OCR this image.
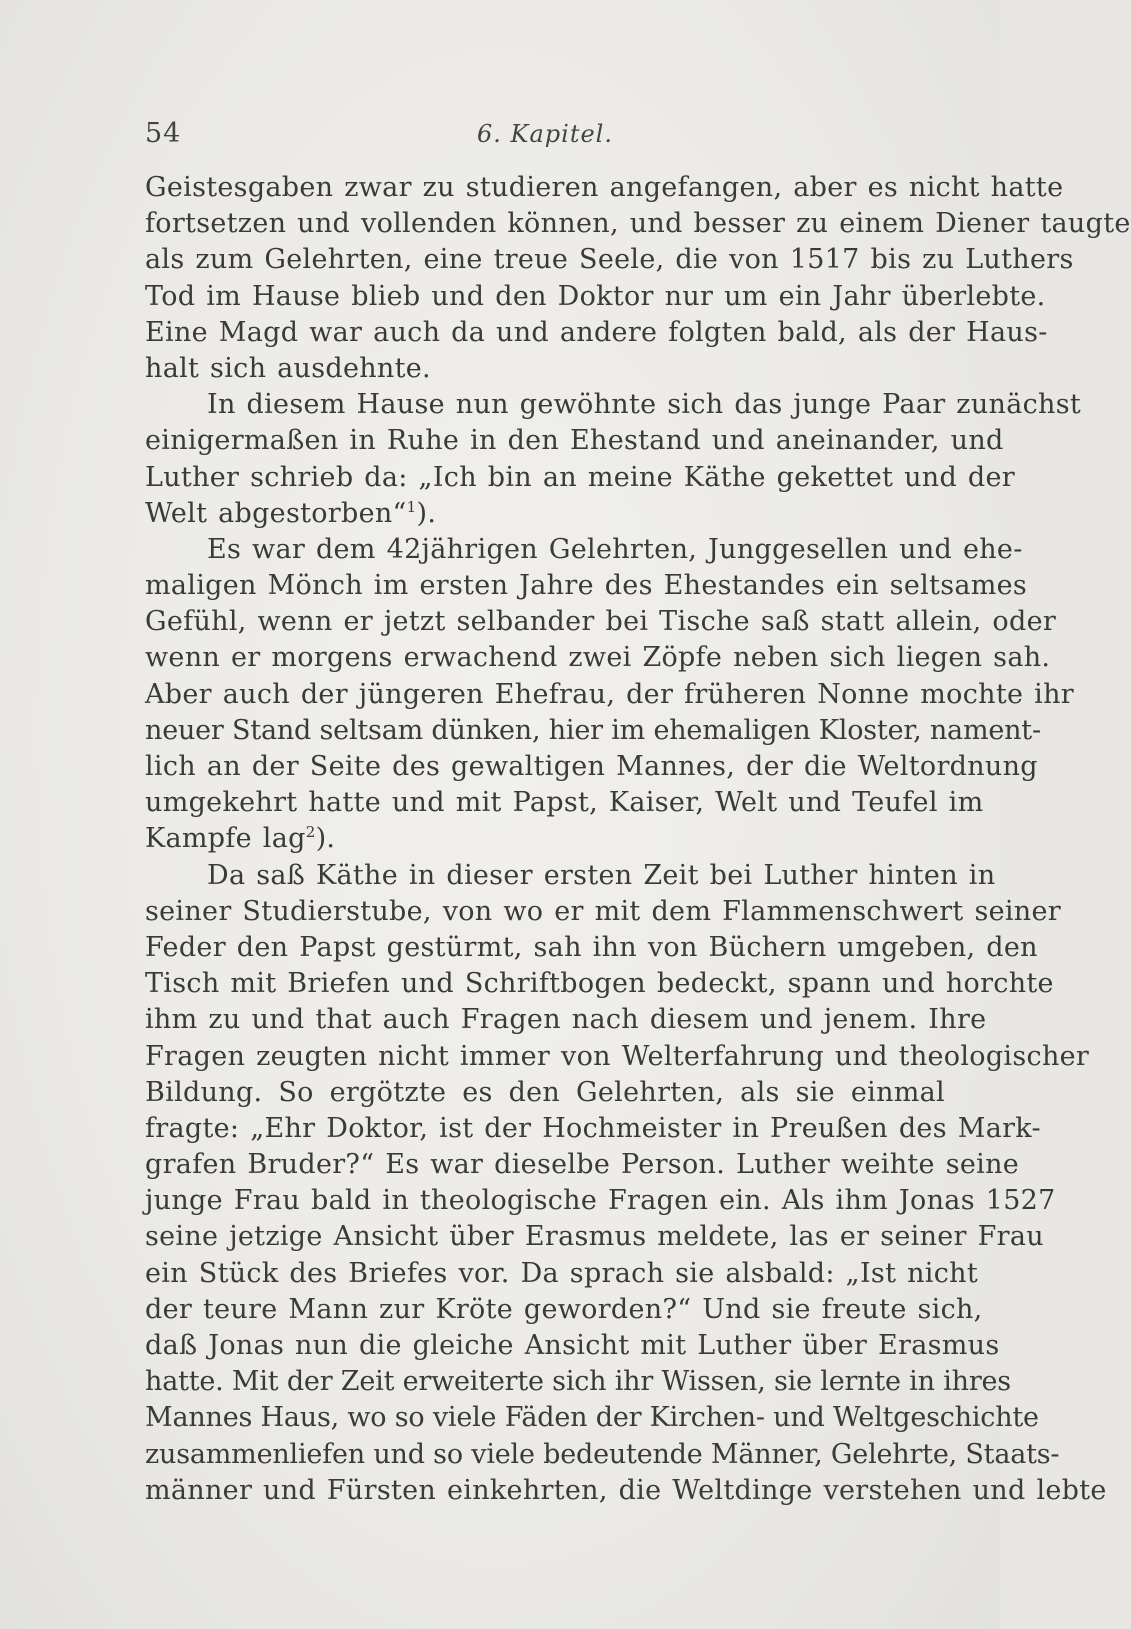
54	6. Kapitel.
Geistesgaben zwar zu studieren angefangen, aber es nicht hatte
fortsetzen und vollenden können, und besser zu einem Diener taugte
als zum Gelehrten, eine treue Seele, die von 1517 bis zu Luthers
Tod im Hause blieb und den Doktor nur um ein Jahr überlebte.
Eine Magd war auch da und andere folgten bald, als der Haus-
halt sich ausdehnte.
In diesem Hause nun gewöhnte sich das junge Paar zunächst
einigermaßen in Ruhe in den Ehestand und aneinander, und
Luther schrieb da: „Ich bin an meine Käthe gekettet und der
Welt abgestorben“$^1$).
Es war dem 42jährigen Gelehrten, Junggesellen und ehe-
maligen Mönch im ersten Jahre des Ehestandes ein seltsames
Gefühl, wenn er jetzt selbander bei Tische saß statt allein, oder
wenn er morgens erwachend zwei Zöpfe neben sich liegen sah.
Aber auch der jüngeren Ehefrau, der früheren Nonne mochte ihr
neuer Stand seltsam dünken, hier im ehemaligen Kloster, nament-
lich an der Seite des gewaltigen Mannes, der die Weltordnung
umgekehrt hatte und mit Papst, Kaiser, Welt und Teufel im
Kampfe lag$^2$).
Da saß Käthe in dieser ersten Zeit bei Luther hinten in
seiner Studierstube, von wo er mit dem Flammenschwert seiner
Feder den Papst gestürmt, sah ihn von Büchern umgeben, den
Tisch mit Briefen und Schriftbogen bedeckt, spann und horchte
ihm zu und that auch Fragen nach diesem und jenem. Ihre
Fragen zeugten nicht immer von Welterfahrung und theologischer
Bildung. So ergötzte es den Gelehrten, als sie einmal
fragte: „Ehr Doktor, ist der Hochmeister in Preußen des Mark-
grafen Bruder?“ Es war dieselbe Person. Luther weihte seine
junge Frau bald in theologische Fragen ein. Als ihm Jonas 1527
seine jetzige Ansicht über Erasmus meldete, las er seiner Frau
ein Stück des Briefes vor. Da sprach sie alsbald: „Ist nicht
der teure Mann zur Kröte geworden?“ Und sie freute sich,
daß Jonas nun die gleiche Ansicht mit Luther über Erasmus
hatte. Mit der Zeit erweiterte sich ihr Wissen, sie lernte in ihres
Mannes Haus, wo so viele Fäden der Kirchen- und Weltgeschichte
zusammenliefen und so viele bedeutende Männer, Gelehrte, Staats-
männer und Fürsten einkehrten, die Weltdinge verstehen und lebte
